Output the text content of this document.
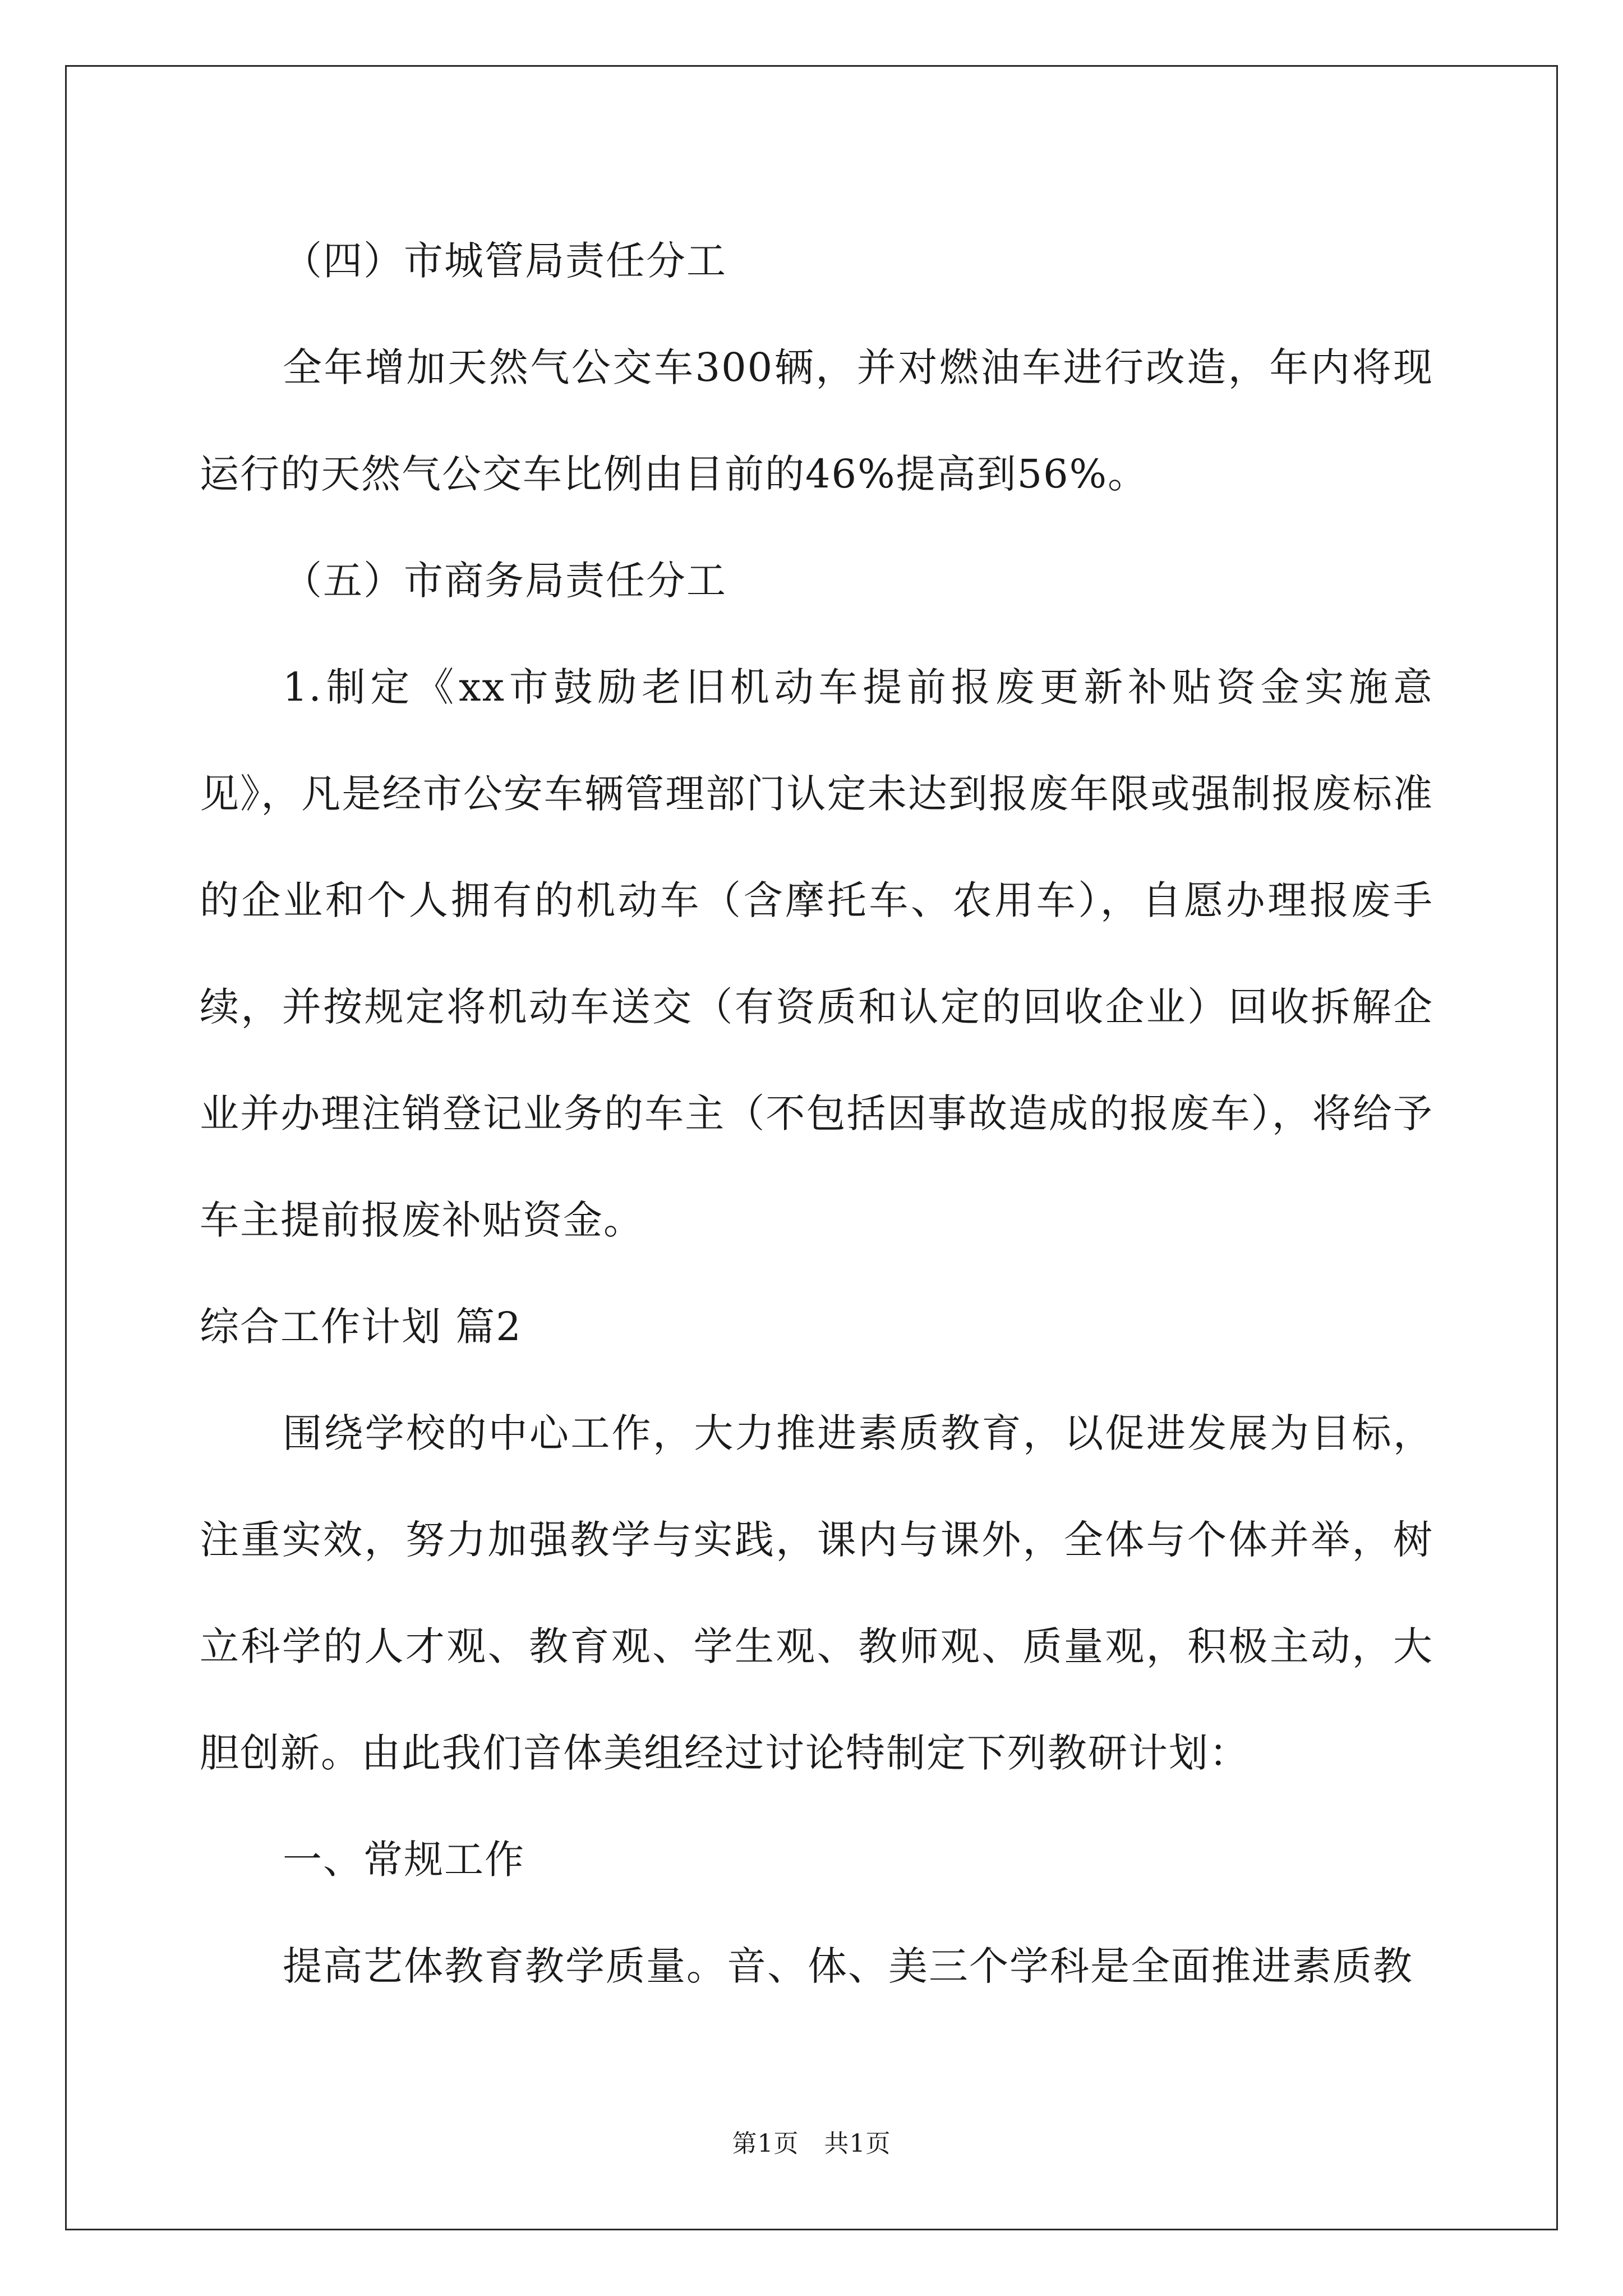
（四）市城管局责任分工

全年增加天然气公交车300辆，并对燃油车进行改造，年内将现运行的天然气公交车比例由目前的46%提高到56%。

（五）市商务局责任分工

1.制定《xx市鼓励老旧机动车提前报废更新补贴资金实施意见》，凡是经市公安车辆管理部门认定未达到报废年限或强制报废标准的企业和个人拥有的机动车（含摩托车、农用车），自愿办理报废手续，并按规定将机动车送交（有资质和认定的回收企业）回收拆解企业并办理注销登记业务的车主（不包括因事故造成的报废车），将给予车主提前报废补贴资金。

综合工作计划 篇2

围绕学校的中心工作，大力推进素质教育，以促进发展为目标，注重实效，努力加强教学与实践，课内与课外，全体与个体并举，树立科学的人才观、教育观、学生观、教师观、质量观，积极主动，大胆创新。由此我们音体美组经过讨论特制定下列教研计划：

一、常规工作

提高艺体教育教学质量。音、体、美三个学科是全面推进素质教

第1页　共1页
